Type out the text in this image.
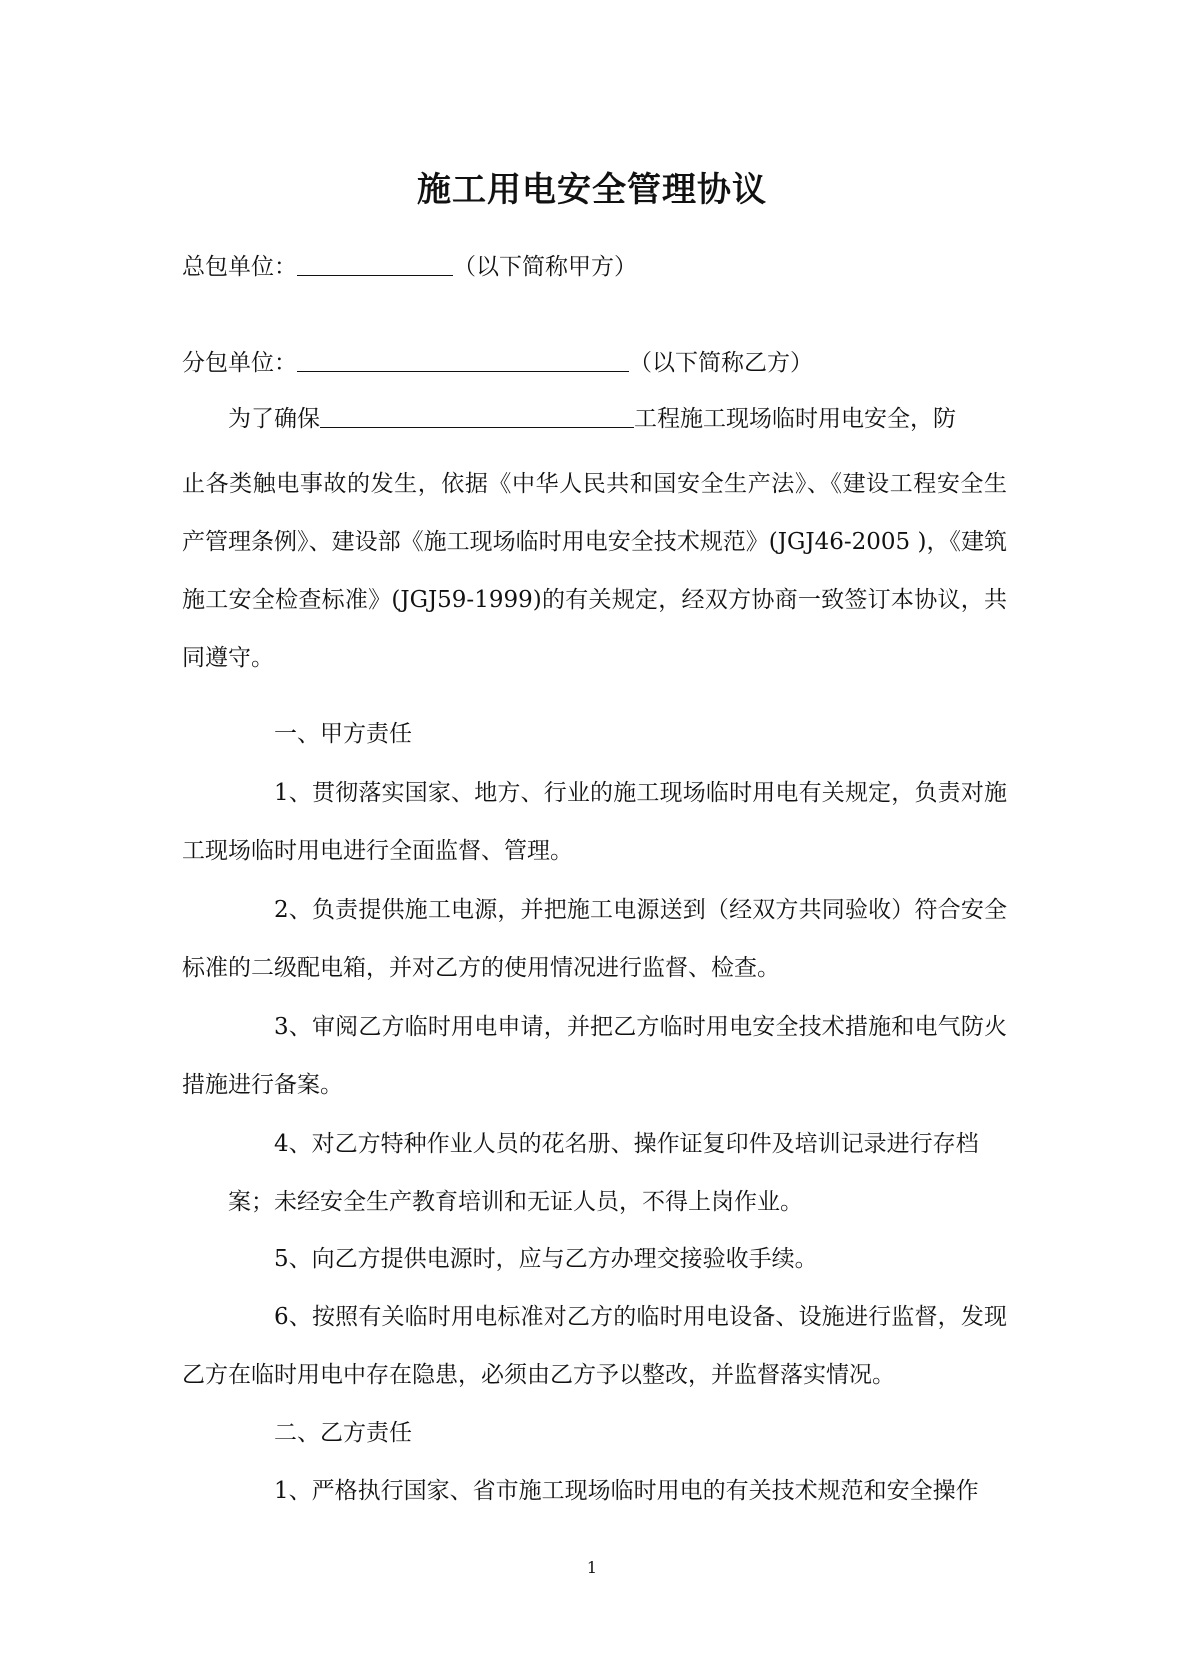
施工用电安全管理协议
总包单位：	（以下简称甲方）
分包单位：	（以下简称乙方）
为了确保	工程施工现场临时用电安全，防
止各类触电事故的发生，依据《中华人民共和国安全生产法》、《建设工程安全生产管理条例》、建设部《施工现场临时用电安全技术规范》(JGJ46-2005 )，《建筑施工安全检查标准》(JGJ59-1999)的有关规定，经双方协商一致签订本协议，共同遵守。
一、甲方责任
1、贯彻落实国家、地方、行业的施工现场临时用电有关规定，负责对施工现场临时用电进行全面监督、管理。
2、负责提供施工电源，并把施工电源送到（经双方共同验收）符合安全标准的二级配电箱，并对乙方的使用情况进行监督、检查。
3、审阅乙方临时用电申请，并把乙方临时用电安全技术措施和电气防火措施进行备案。
4、对乙方特种作业人员的花名册、操作证复印件及培训记录进行存档
案；未经安全生产教育培训和无证人员，不得上岗作业。
5、向乙方提供电源时，应与乙方办理交接验收手续。
6、按照有关临时用电标准对乙方的临时用电设备、设施进行监督，发现乙方在临时用电中存在隐患，必须由乙方予以整改，并监督落实情况。
二、乙方责任
1、严格执行国家、省市施工现场临时用电的有关技术规范和安全操作
1
